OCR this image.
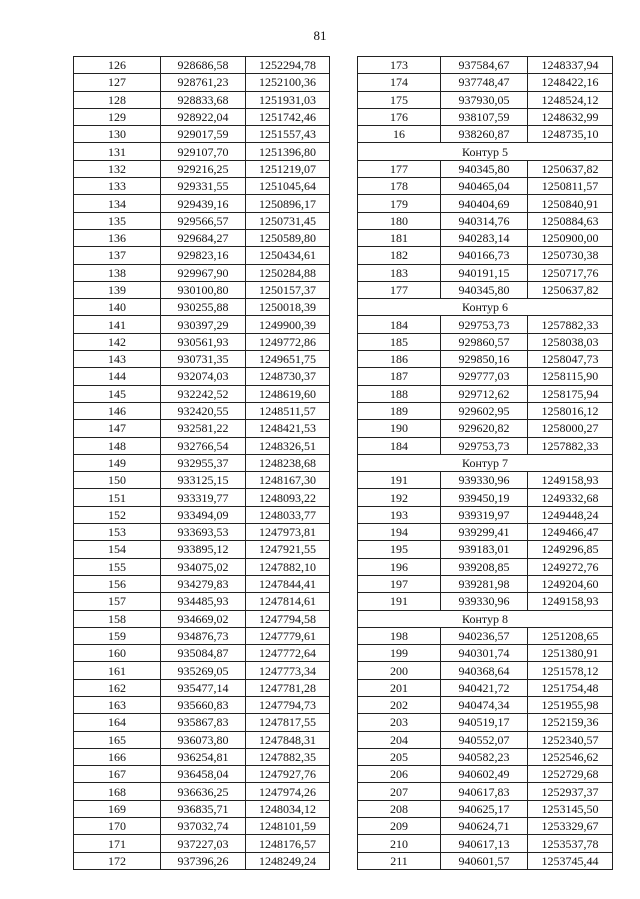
81
126	928686,58	1252294,78
127	928761,23	1252100,36
128	928833,68	1251931,03
129	928922,04	1251742,46
130	929017,59	1251557,43
131	929107,70	1251396,80
132	929216,25	1251219,07
133	929331,55	1251045,64
134	929439,16	1250896,17
135	929566,57	1250731,45
136	929684,27	1250589,80
137	929823,16	1250434,61
138	929967,90	1250284,88
139	930100,80	1250157,37
140	930255,88	1250018,39
141	930397,29	1249900,39
142	930561,93	1249772,86
143	930731,35	1249651,75
144	932074,03	1248730,37
145	932242,52	1248619,60
146	932420,55	1248511,57
147	932581,22	1248421,53
148	932766,54	1248326,51
149	932955,37	1248238,68
150	933125,15	1248167,30
151	933319,77	1248093,22
152	933494,09	1248033,77
153	933693,53	1247973,81
154	933895,12	1247921,55
155	934075,02	1247882,10
156	934279,83	1247844,41
157	934485,93	1247814,61
158	934669,02	1247794,58
159	934876,73	1247779,61
160	935084,87	1247772,64
161	935269,05	1247773,34
162	935477,14	1247781,28
163	935660,83	1247794,73
164	935867,83	1247817,55
165	936073,80	1247848,31
166	936254,81	1247882,35
167	936458,04	1247927,76
168	936636,25	1247974,26
169	936835,71	1248034,12
170	937032,74	1248101,59
171	937227,03	1248176,57
172	937396,26	1248249,24
173	937584,67	1248337,94
174	937748,47	1248422,16
175	937930,05	1248524,12
176	938107,59	1248632,99
16	938260,87	1248735,10
Контур 5		
177	940345,80	1250637,82
178	940465,04	1250811,57
179	940404,69	1250840,91
180	940314,76	1250884,63
181	940283,14	1250900,00
182	940166,73	1250730,38
183	940191,15	1250717,76
177	940345,80	1250637,82
Контур 6		
184	929753,73	1257882,33
185	929860,57	1258038,03
186	929850,16	1258047,73
187	929777,03	1258115,90
188	929712,62	1258175,94
189	929602,95	1258016,12
190	929620,82	1258000,27
184	929753,73	1257882,33
Контур 7		
191	939330,96	1249158,93
192	939450,19	1249332,68
193	939319,97	1249448,24
194	939299,41	1249466,47
195	939183,01	1249296,85
196	939208,85	1249272,76
197	939281,98	1249204,60
191	939330,96	1249158,93
Контур 8		
198	940236,57	1251208,65
199	940301,74	1251380,91
200	940368,64	1251578,12
201	940421,72	1251754,48
202	940474,34	1251955,98
203	940519,17	1252159,36
204	940552,07	1252340,57
205	940582,23	1252546,62
206	940602,49	1252729,68
207	940617,83	1252937,37
208	940625,17	1253145,50
209	940624,71	1253329,67
210	940617,13	1253537,78
211	940601,57	1253745,44
